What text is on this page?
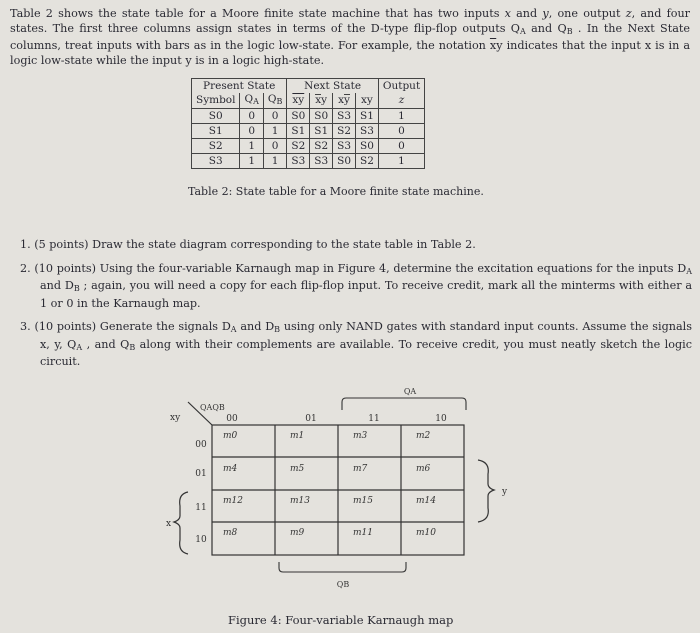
Table 2 shows the state table for a Moore finite state machine that has two inputs x and y, one output z, and four states. The first three columns assign states in terms of the D-type flip-flop outputs $Q_A$ and $Q_B$ . In the Next State columns, treat inputs with bars as in the logic low-state. For example, the notation $\overline{x}y$ indicates that the input x is in a logic low-state while the input y is in a logic high-state.
Present State			Next State				Output
Symbol	$Q_A$	$Q_B$	$\overline{xy}$	xy	xy	xy	z
S0	0	0	S0	S0	S3	S1	1
S1	0	1	S1	S1	S2	S3	0
S2	1	0	S2	S2	S3	S0	0
S3	1	1	S3	S3	S0	S2	1
Table 2: State table for a Moore finite state machine.

1. (5 points) Draw the state diagram corresponding to the state table in Table 2.

2. (10 points) Using the four-variable Karnaugh map in Figure 4, determine the excitation equations for the inputs $D_A$ and $D_B$ ; again, you will need a copy for each flip-flop input. To receive credit, mark all the minterms with either a 1 or 0 in the Karnaugh map.

3. (10 points) Generate the signals $D_A$ and $D_B$ using only NAND gates with standard input counts. Assume the signals x, y, $Q_A$ , and $Q_B$ along with their complements are available. To receive credit, you must neatly sketch the logic circuit.

xy
QAQB
00	01	11	10
00
01
11
10
m0	m1	m3	m2
m4	m5	m7	m6
m12	m13	m15	m14
m8	m9	m11	m10
QA
QB
x
y
Figure 4: Four-variable Karnaugh map
